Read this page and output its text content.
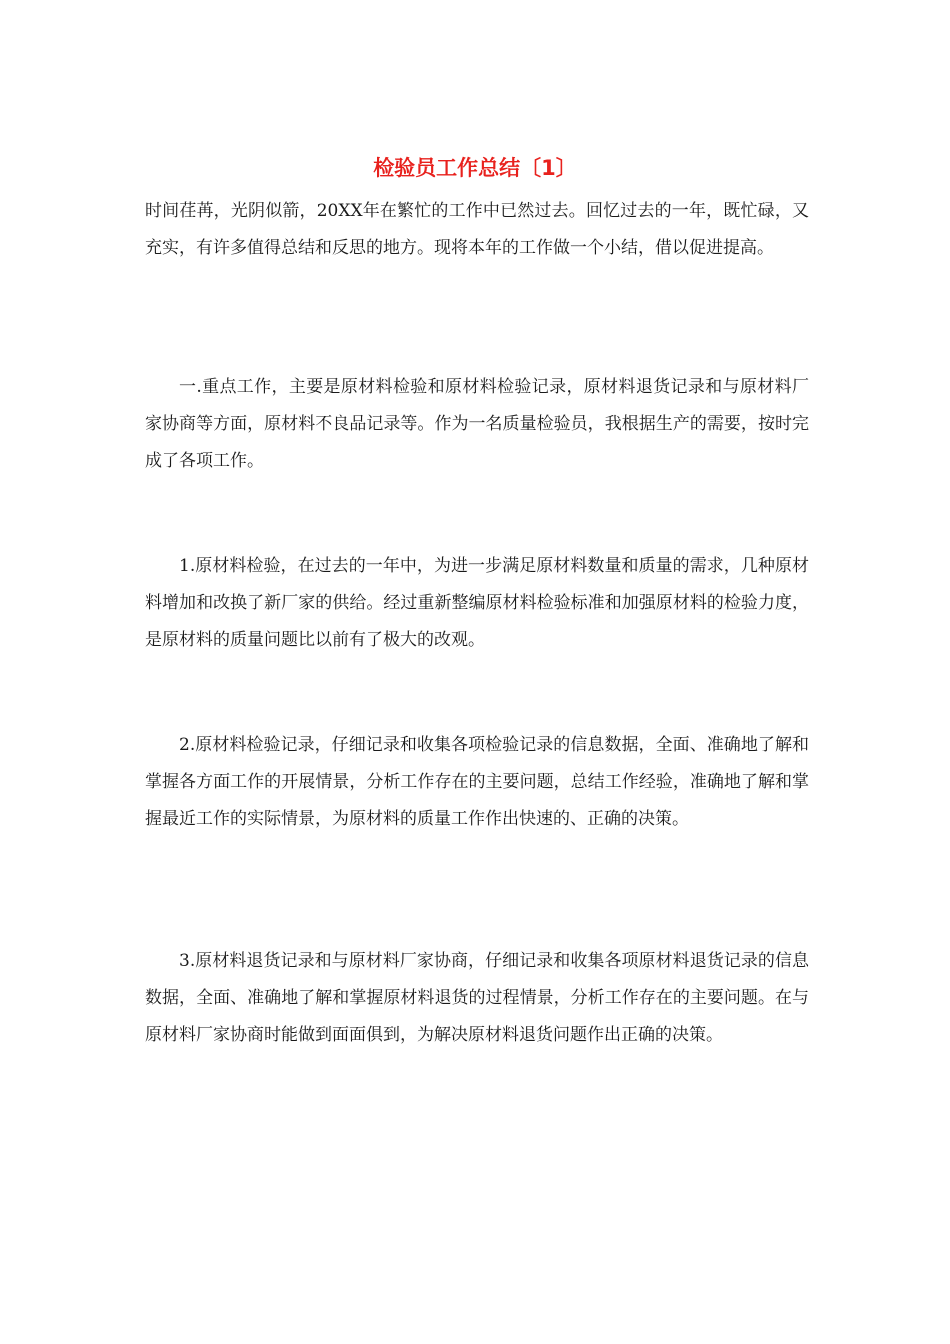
检验员工作总结〔1〕

时间荏苒，光阴似箭，20XX年在繁忙的工作中已然过去。回忆过去的一年，既忙碌，又充实，有许多值得总结和反思的地方。现将本年的工作做一个小结，借以促进提高。

一.重点工作，主要是原材料检验和原材料检验记录，原材料退货记录和与原材料厂家协商等方面，原材料不良品记录等。作为一名质量检验员，我根据生产的需要，按时完成了各项工作。

1.原材料检验，在过去的一年中，为进一步满足原材料数量和质量的需求，几种原材料增加和改换了新厂家的供给。经过重新整编原材料检验标准和加强原材料的检验力度，是原材料的质量问题比以前有了极大的改观。

2.原材料检验记录，仔细记录和收集各项检验记录的信息数据，全面、准确地了解和掌握各方面工作的开展情景，分析工作存在的主要问题，总结工作经验，准确地了解和掌握最近工作的实际情景，为原材料的质量工作作出快速的、正确的决策。

3.原材料退货记录和与原材料厂家协商，仔细记录和收集各项原材料退货记录的信息数据，全面、准确地了解和掌握原材料退货的过程情景，分析工作存在的主要问题。在与原材料厂家协商时能做到面面俱到，为解决原材料退货问题作出正确的决策。
